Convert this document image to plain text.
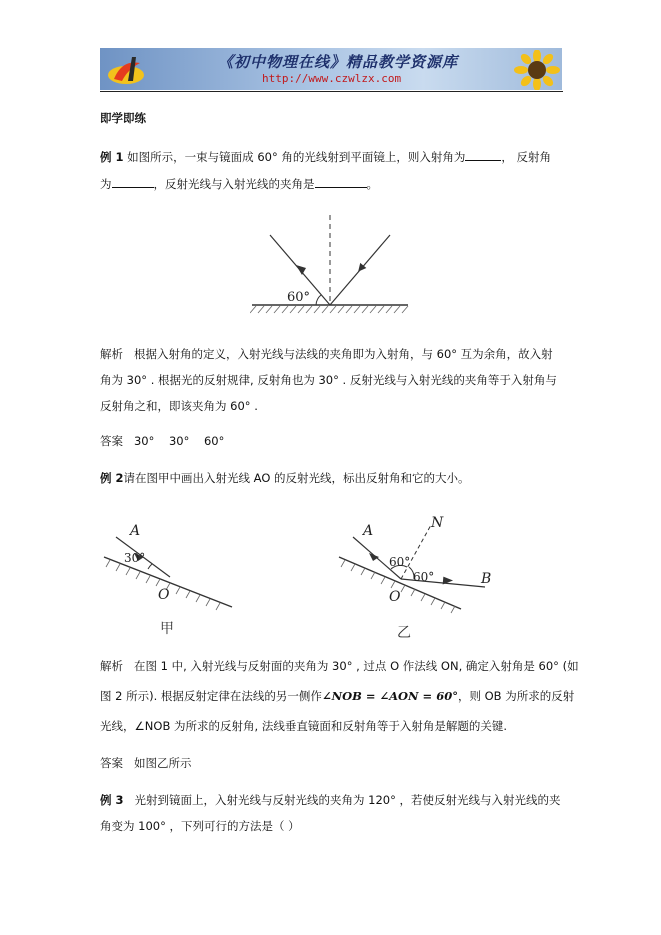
《初中物理在线》精品教学资源库
http://www.czwlzx.com
即学即练
例 1 如图所示，一束与镜面成 60° 角的光线射到平面镜上，则入射角为	， 反射角
为	，反射光线与入射光线的夹角是	。
60°
解析 根据入射角的定义，入射光线与法线的夹角即为入射角，与 60° 互为余角，故入射
角为 30° . 根据光的反射规律, 反射角也为 30° . 反射光线与入射光线的夹角等于入射角与
反射角之和，即该夹角为 60° .
答案 30°    30°    60°
例 2请在图甲中画出入射光线 AO 的反射光线，标出反射角和它的大小。
A
30°
O
甲
A	N
60°
60°
O
B
乙
解析 在图 1 中, 入射光线与反射面的夹角为 30° , 过点 O 作法线 ON, 确定入射角是 60° (如
图 2 所示). 根据反射定律在法线的另一侧作∠NOB = ∠AON = 60°，则 OB 为所求的反射
光线，∠NOB 为所求的反射角, 法线垂直镜面和反射角等于入射角是解题的关键.
答案 如图乙所示
例 3 光射到镜面上，入射光线与反射光线的夹角为 120° ，若使反射光线与入射光线的夹
角变为 100° ，下列可行的方法是（ ）
